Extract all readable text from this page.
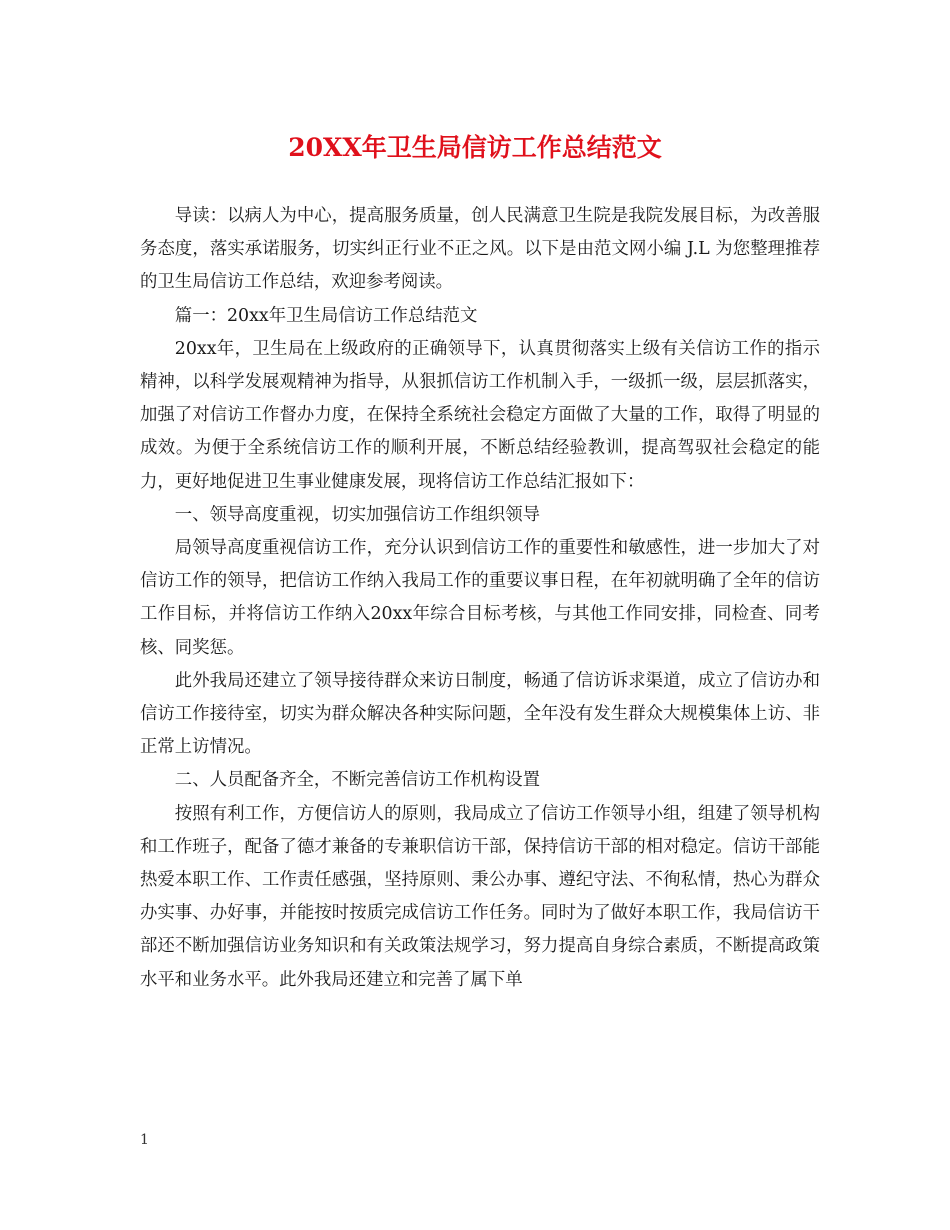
20XX年卫生局信访工作总结范文

导读：以病人为中心，提高服务质量，创人民满意卫生院是我院发展目标，为改善服务态度，落实承诺服务，切实纠正行业不正之风。以下是由范文网小编 J.L 为您整理推荐的卫生局信访工作总结，欢迎参考阅读。

篇一：20xx年卫生局信访工作总结范文

20xx年，卫生局在上级政府的正确领导下，认真贯彻落实上级有关信访工作的指示精神，以科学发展观精神为指导，从狠抓信访工作机制入手，一级抓一级，层层抓落实，加强了对信访工作督办力度，在保持全系统社会稳定方面做了大量的工作，取得了明显的成效。为便于全系统信访工作的顺利开展，不断总结经验教训，提高驾驭社会稳定的能力，更好地促进卫生事业健康发展，现将信访工作总结汇报如下：

一、领导高度重视，切实加强信访工作组织领导

局领导高度重视信访工作，充分认识到信访工作的重要性和敏感性，进一步加大了对信访工作的领导，把信访工作纳入我局工作的重要议事日程，在年初就明确了全年的信访工作目标，并将信访工作纳入20xx年综合目标考核，与其他工作同安排，同检查、同考核、同奖惩。

此外我局还建立了领导接待群众来访日制度，畅通了信访诉求渠道，成立了信访办和信访工作接待室，切实为群众解决各种实际问题，全年没有发生群众大规模集体上访、非正常上访情况。

二、人员配备齐全，不断完善信访工作机构设置

按照有利工作，方便信访人的原则，我局成立了信访工作领导小组，组建了领导机构和工作班子，配备了德才兼备的专兼职信访干部，保持信访干部的相对稳定。信访干部能热爱本职工作、工作责任感强，坚持原则、秉公办事、遵纪守法、不徇私情，热心为群众办实事、办好事，并能按时按质完成信访工作任务。同时为了做好本职工作，我局信访干部还不断加强信访业务知识和有关政策法规学习，努力提高自身综合素质，不断提高政策水平和业务水平。此外我局还建立和完善了属下单

1
